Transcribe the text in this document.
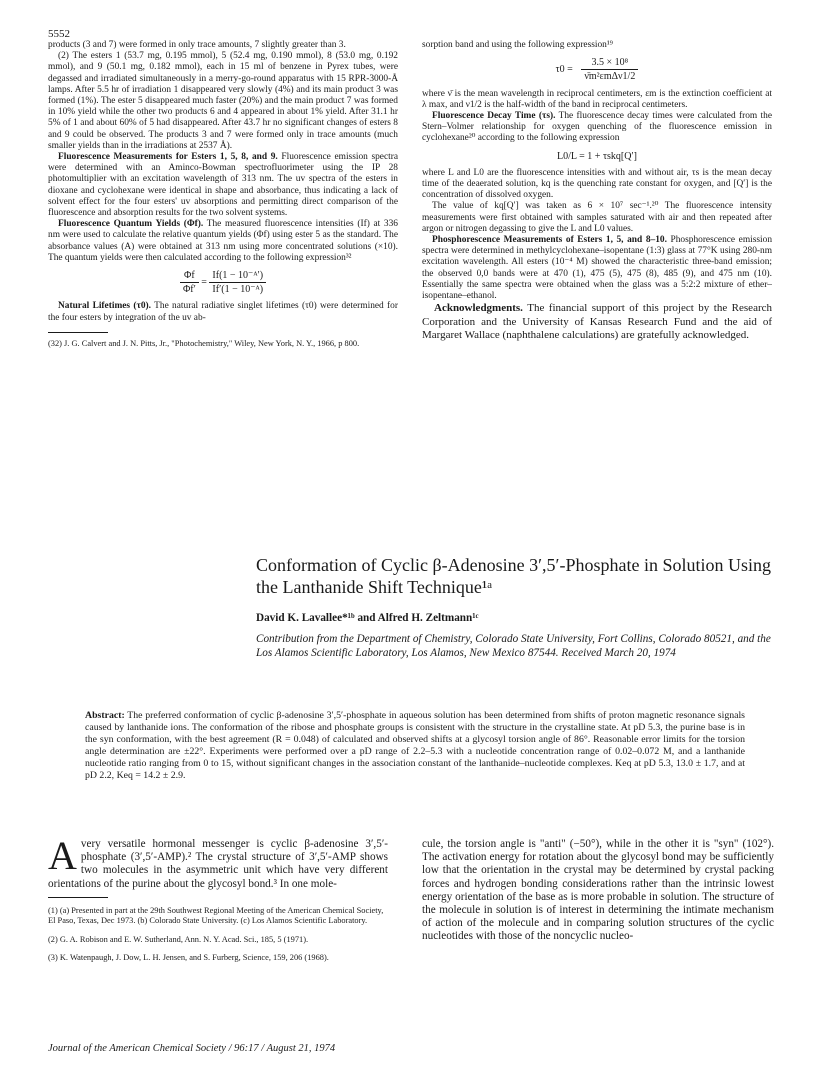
5552

products (3 and 7) were formed in only trace amounts, 7 slightly greater than 3.

(2) The esters 1 (53.7 mg, 0.195 mmol), 5 (52.4 mg, 0.190 mmol), 8 (53.0 mg, 0.192 mmol), and 9 (50.1 mg, 0.182 mmol), each in 15 ml of benzene in Pyrex tubes, were degassed and irradiated simultaneously in a merry-go-round apparatus with 15 RPR-3000-Å lamps. After 5.5 hr of irradiation 1 disappeared very slowly (4%) and its main product 3 was formed (1%). The ester 5 disappeared much faster (20%) and the main product 7 was formed in 10% yield while the other two products 6 and 4 appeared in about 1% yield. After 31.1 hr 5% of 1 and about 60% of 5 had disappeared. After 43.7 hr no significant changes of esters 8 and 9 could be observed. The products 3 and 7 were formed only in trace amounts (much smaller yields than in the irradiations at 2537 Å).

Fluorescence Measurements for Esters 1, 5, 8, and 9. Fluorescence emission spectra were determined with an Aminco-Bowman spectrofluorimeter using the IP 28 photomultiplier with an excitation wavelength of 313 nm. The uv spectra of the esters in dioxane and cyclohexane were identical in shape and absorbance, thus indicating a lack of solvent effect for the four esters' uv absorptions and permitting direct comparison of the fluorescence and absorption results for the two solvent systems.

Fluorescence Quantum Yields (Φf). The measured fluorescence intensities (If) at 336 nm were used to calculate the relative quantum yields (Φf) using ester 5 as the standard. The absorbance values (A) were obtained at 313 nm using more concentrated solutions (×10). The quantum yields were then calculated according to the following expression³²

$\frac{\Phi f}{\Phi f'} = \frac{\text{If(1 − 10⁻ᴬ′)}}{\text{If′(1 − 10⁻ᴬ)}}$

Natural Lifetimes (τ0). The natural radiative singlet lifetimes (τ0) were determined for the four esters by integration of the uv ab-

(32) J. G. Calvert and J. N. Pitts, Jr., "Photochemistry," Wiley, New York, N. Y., 1966, p 800.

sorption band and using the following expression¹⁹

$\tau 0 = \frac{\text{3.5 × 10⁸}}{\text{ν̄m²εmΔν1/2}}$

where ν̄ is the mean wavelength in reciprocal centimeters, εm is the extinction coefficient at λ max, and ν1/2 is the half-width of the band in reciprocal centimeters.

Fluorescence Decay Time (τs). The fluorescence decay times were calculated from the Stern–Volmer relationship for oxygen quenching of the fluorescence emission in cyclohexane²⁰ according to the following expression

L0/L = 1 + τskq[Q′]

where L and L0 are the fluorescence intensities with and without air, τs is the mean decay time of the deaerated solution, kq is the quenching rate constant for oxygen, and [Q′] is the concentration of dissolved oxygen.

The value of kq[Q′] was taken as 6 × 10⁷ sec⁻¹.²⁰ The fluorescence intensity measurements were first obtained with samples saturated with air and then repeated after argon or nitrogen degassing to give the L and L0 values.

Phosphorescence Measurements of Esters 1, 5, and 8–10. Phosphorescence emission spectra were determined in methylcyclohexane–isopentane (1:3) glass at 77°K using 280-nm excitation wavelength. All esters (10⁻⁴ M) showed the characteristic three-band emission; the observed 0,0 bands were at 470 (1), 475 (5), 475 (8), 485 (9), and 475 nm (10). Essentially the same spectra were obtained when the glass was a 5:2:2 mixture of ether–isopentane–ethanol.

Acknowledgments. The financial support of this project by the Research Corporation and the University of Kansas Research Fund and the aid of Margaret Wallace (naphthalene calculations) are gratefully acknowledged.

Conformation of Cyclic β-Adenosine 3′,5′-Phosphate in Solution Using the Lanthanide Shift Technique¹ᵃ
David K. Lavallee*¹ᵇ and Alfred H. Zeltmann¹ᶜ
Contribution from the Department of Chemistry, Colorado State University, Fort Collins, Colorado 80521, and the Los Alamos Scientific Laboratory, Los Alamos, New Mexico 87544. Received March 20, 1974
Abstract: The preferred conformation of cyclic β-adenosine 3′,5′-phosphate in aqueous solution has been determined from shifts of proton magnetic resonance signals caused by lanthanide ions. The conformation of the ribose and phosphate groups is consistent with the structure in the crystalline state. At pD 5.3, the purine base is in the syn conformation, with the best agreement (R = 0.048) of calculated and observed shifts at a glycosyl torsion angle of 86°. Reasonable error limits for the torsion angle determination are ±22°. Experiments were performed over a pD range of 2.2–5.3 with a nucleotide concentration range of 0.02–0.072 M, and a lanthanide nucleotide ratio ranging from 0 to 15, without significant changes in the association constant of the lanthanide–nucleotide complexes. Keq at pD 5.3, 13.0 ± 1.7, and at pD 2.2, Keq = 14.2 ± 2.9.

Avery versatile hormonal messenger is cyclic β-adenosine 3′,5′-phosphate (3′,5′-AMP).² The crystal structure of 3′,5′-AMP shows two molecules in the asymmetric unit which have very different orientations of the purine about the glycosyl bond.³ In one mole-

(1) (a) Presented in part at the 29th Southwest Regional Meeting of the American Chemical Society, El Paso, Texas, Dec 1973. (b) Colorado State University. (c) Los Alamos Scientific Laboratory.

(2) G. A. Robison and E. W. Sutherland, Ann. N. Y. Acad. Sci., 185, 5 (1971).

(3) K. Watenpaugh, J. Dow, L. H. Jensen, and S. Furberg, Science, 159, 206 (1968).

cule, the torsion angle is "anti" (−50°), while in the other it is "syn" (102°). The activation energy for rotation about the glycosyl bond may be sufficiently low that the orientation in the crystal may be determined by crystal packing forces and hydrogen bonding considerations rather than the intrinsic lowest energy orientation of the base as is more probable in solution. The structure of the molecule in solution is of interest in determining the intimate mechanism of action of the molecule and in comparing solution structures of the cyclic nucleotides with those of the noncyclic nucleo-

Journal of the American Chemical Society / 96:17 / August 21, 1974
